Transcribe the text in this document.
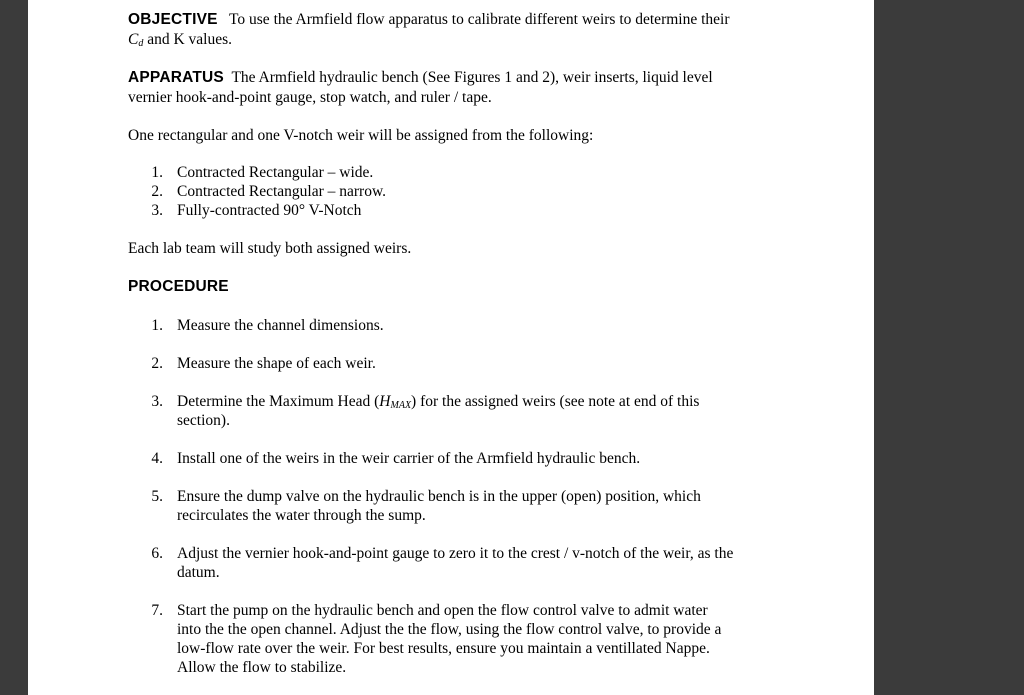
OBJECTIVE To use the Armfield flow apparatus to calibrate different weirs to determine their
$C_d$ and K values.
APPARATUS The Armfield hydraulic bench (See Figures 1 and 2), weir inserts, liquid level
vernier hook-and-point gauge, stop watch, and ruler / tape.
One rectangular and one V-notch weir will be assigned from the following:
1. Contracted Rectangular – wide.
2. Contracted Rectangular – narrow.
3. Fully-contracted 90° V-Notch
Each lab team will study both assigned weirs.
PROCEDURE
1. Measure the channel dimensions.
2. Measure the shape of each weir.
3. Determine the Maximum Head $(H_{MAX})$ for the assigned weirs (see note at end of this
section).
4. Install one of the weirs in the weir carrier of the Armfield hydraulic bench.
5. Ensure the dump valve on the hydraulic bench is in the upper (open) position, which
recirculates the water through the sump.
6. Adjust the vernier hook-and-point gauge to zero it to the crest / v-notch of the weir, as the
datum.
7. Start the pump on the hydraulic bench and open the flow control valve to admit water
into the the open channel. Adjust the the flow, using the flow control valve, to provide a
low-flow rate over the weir. For best results, ensure you maintain a ventillated Nappe.
Allow the flow to stabilize.
